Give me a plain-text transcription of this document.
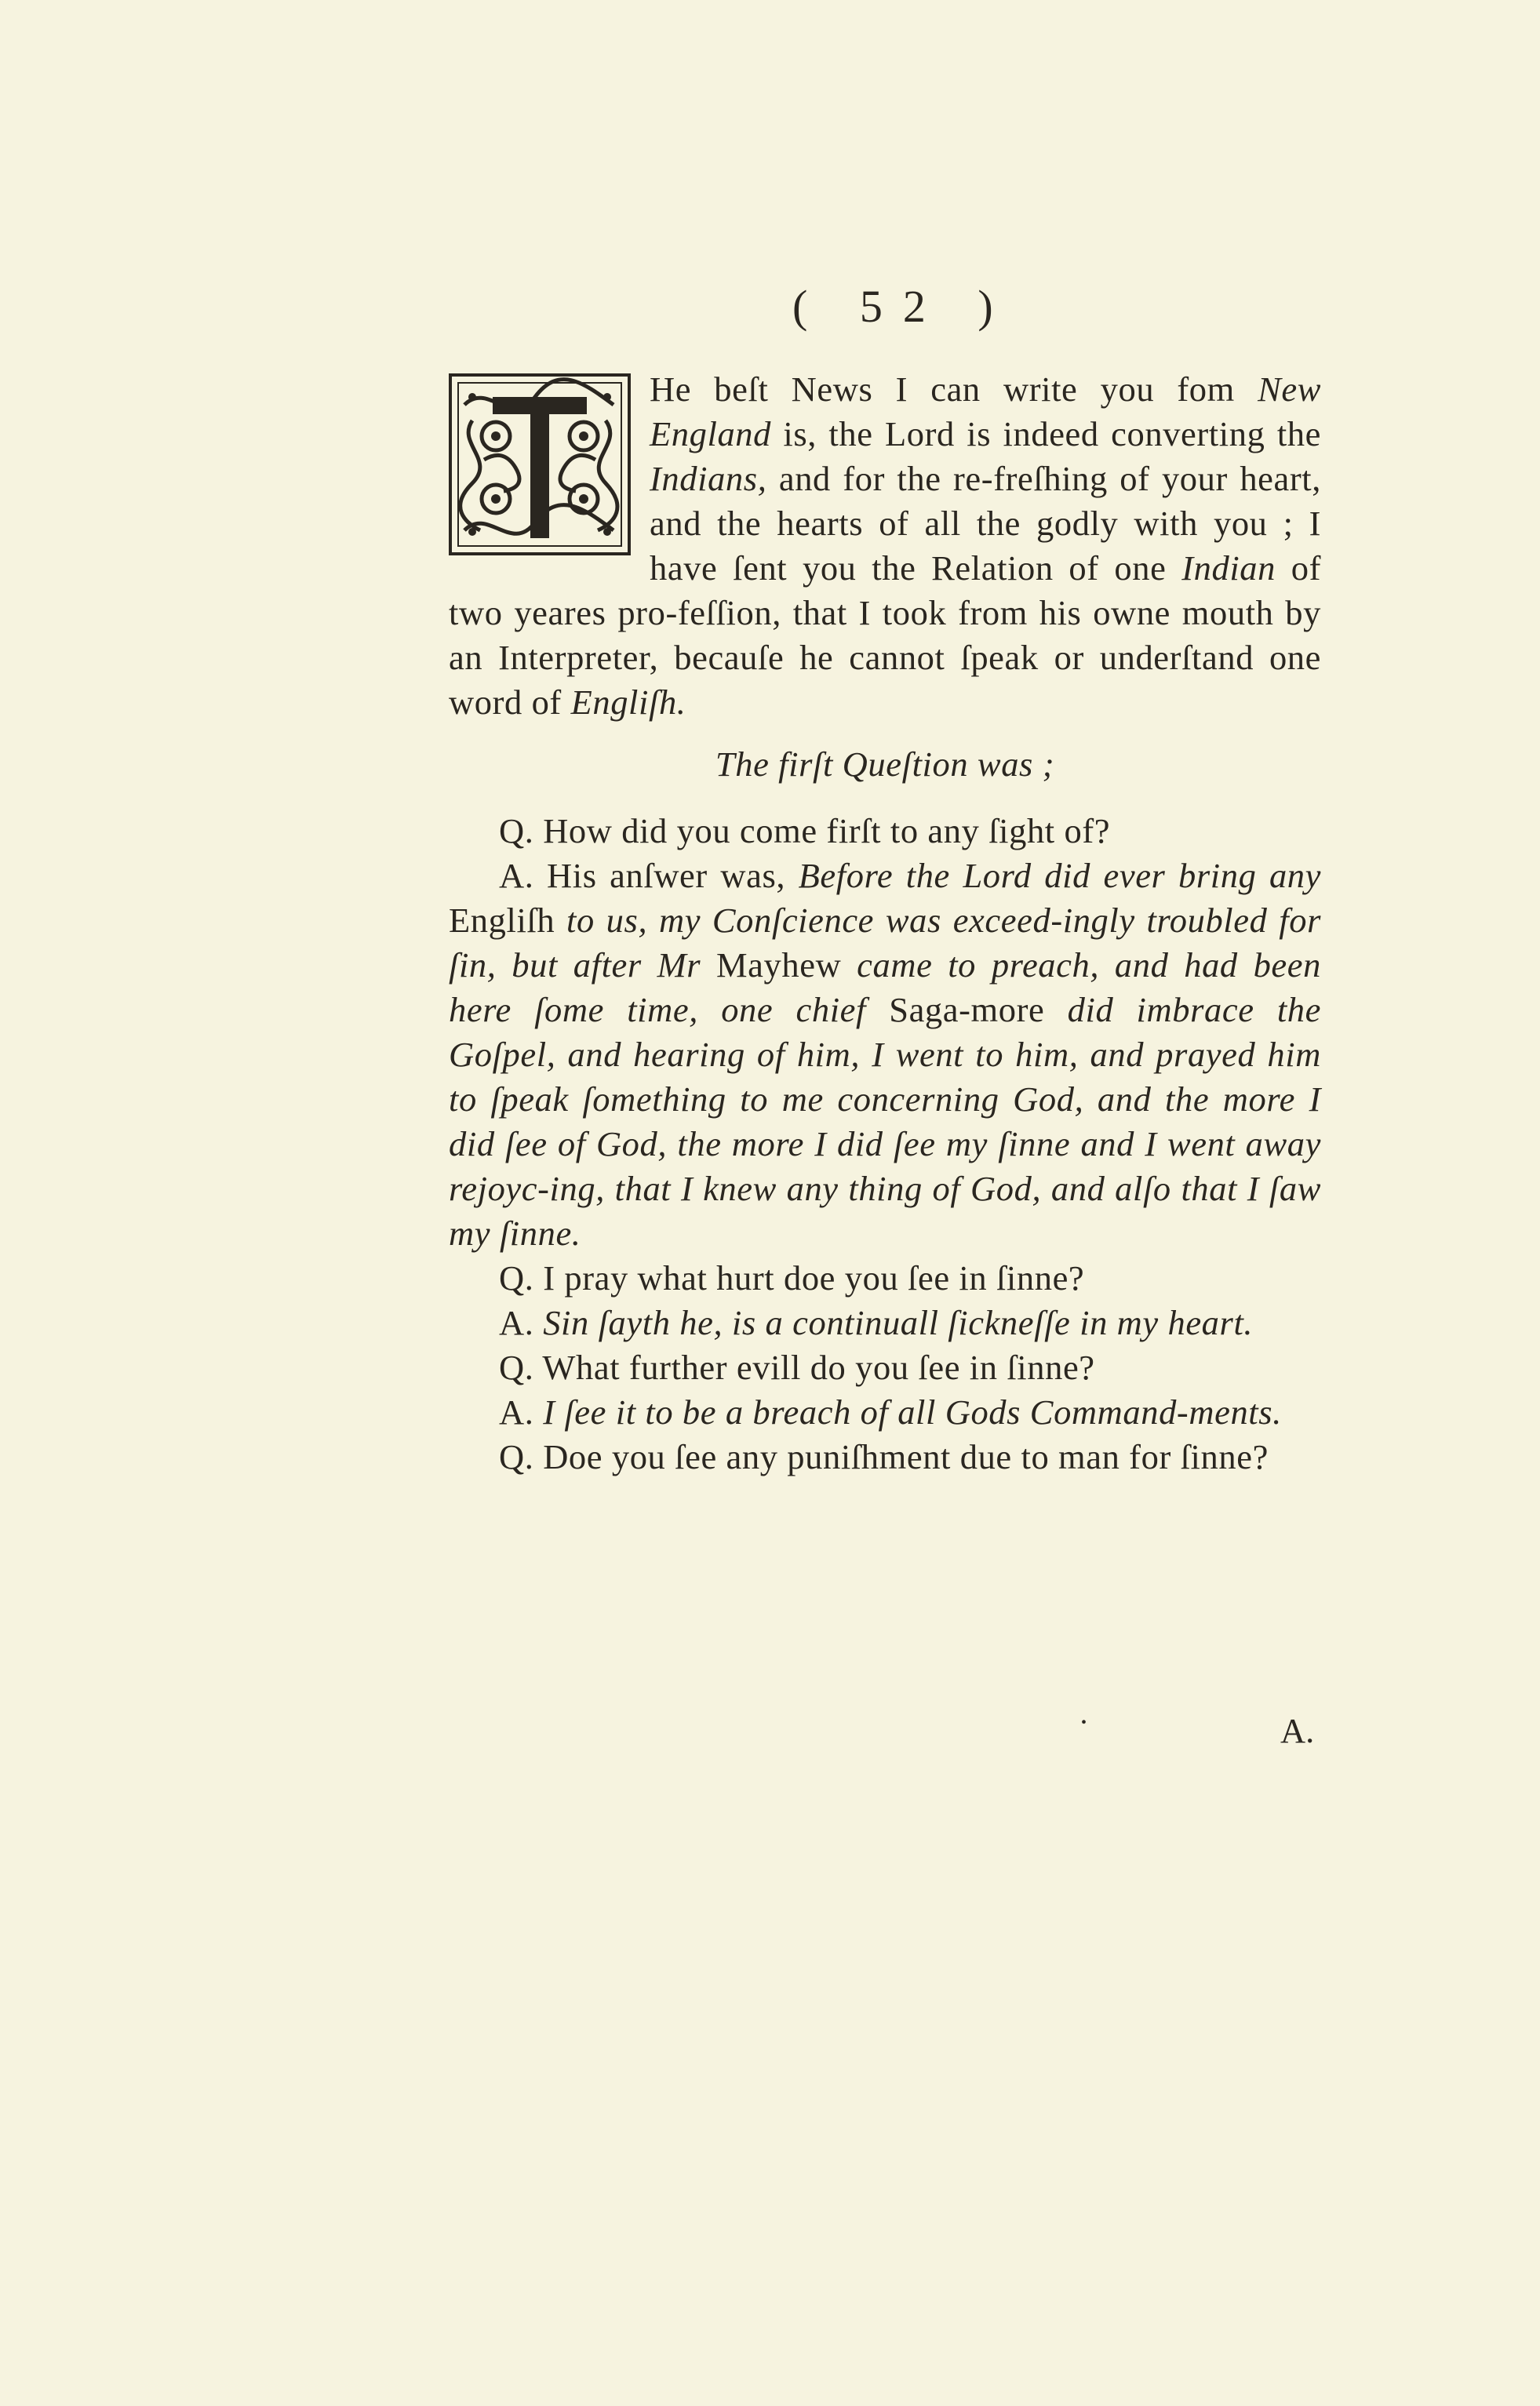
( 52 )

He beſt News I can write you fom New England is, the Lord is indeed converting the Indians, and for the re-freſhing of your heart, and the hearts of all the godly with you ; I have ſent you the Relation of one Indian of two yeares pro-feſſion, that I took from his owne mouth by an Interpreter, becauſe he cannot ſpeak or underſtand one word of Engliſh.

The firſt Queſtion was ;

Q. How did you come firſt to any ſight of?

A. His anſwer was, Before the Lord did ever bring any Engliſh to us, my Conſcience was exceed-ingly troubled for ſin, but after Mr Mayhew came to preach, and had been here ſome time, one chief Saga-more did imbrace the Goſpel, and hearing of him, I went to him, and prayed him to ſpeak ſomething to me concerning God, and the more I did ſee of God, the more I did ſee my ſinne and I went away rejoyc-ing, that I knew any thing of God, and alſo that I ſaw my ſinne.

Q. I pray what hurt doe you ſee in ſinne?

A. Sin ſayth he, is a continuall ſickneſſe in my heart.

Q. What further evill do you ſee in ſinne?

A. I ſee it to be a breach of all Gods Command-ments.

Q. Doe you ſee any puniſhment due to man for ſinne?

•	A.
